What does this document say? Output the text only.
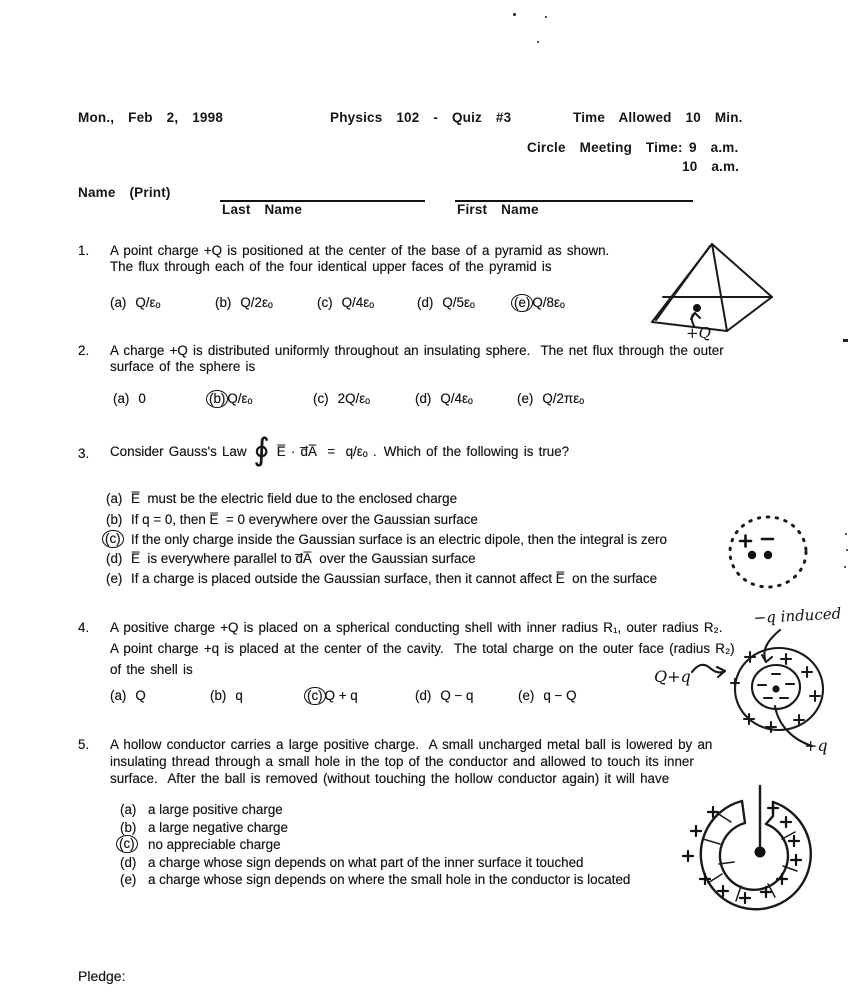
Mon.,  Feb  2,  1998	Physics  102  -  Quiz  #3	Time  Allowed  10  Min.
Circle  Meeting  Time: 9  a.m.
10  a.m.
Name  (Print)
Last  Name	First  Name
1. A point charge +Q is positioned at the center of the base of a pyramid as shown.
The flux through each of the four identical upper faces of the pyramid is
(a) Q/εₒ	(b) Q/2εₒ	(c) Q/4εₒ	(d) Q/5εₒ	(e) Q/8εₒ
+Q
2. A charge +Q is distributed uniformly throughout an insulating sphere.  The net flux through the outer
surface of the sphere is
(a) 0	(b) Q/εₒ	(c) 2Q/εₒ	(d) Q/4εₒ	(e) Q/2πεₒ
3. Consider Gauss's Law ∮ E̅ · d̅A̅  =  q/εₒ . Which of the following is true?
(a) E̅  must be the electric field due to the enclosed charge
(b) If q = 0, then E̅  = 0 everywhere over the Gaussian surface
(c) If the only charge inside the Gaussian surface is an electric dipole, then the integral is zero
(d) E̅  is everywhere parallel to d̅A̅  over the Gaussian surface
(e) If a charge is placed outside the Gaussian surface, then it cannot affect E̅  on the surface
4. A positive charge +Q is placed on a spherical conducting shell with inner radius R₁, outer radius R₂.
A point charge +q is placed at the center of the cavity.  The total charge on the outer face (radius R₂)
of the shell is
(a) Q	(b) q	(c) Q + q	(d) Q − q	(e) q − Q
−q induced
Q+q
+q
5. A hollow conductor carries a large positive charge.  A small uncharged metal ball is lowered by an
insulating thread through a small hole in the top of the conductor and allowed to touch its inner
surface.  After the ball is removed (without touching the hollow conductor again) it will have
(a) a large positive charge
(b) a large negative charge
(c) no appreciable charge
(d) a charge whose sign depends on what part of the inner surface it touched
(e) a charge whose sign depends on where the small hole in the conductor is located
Pledge:
